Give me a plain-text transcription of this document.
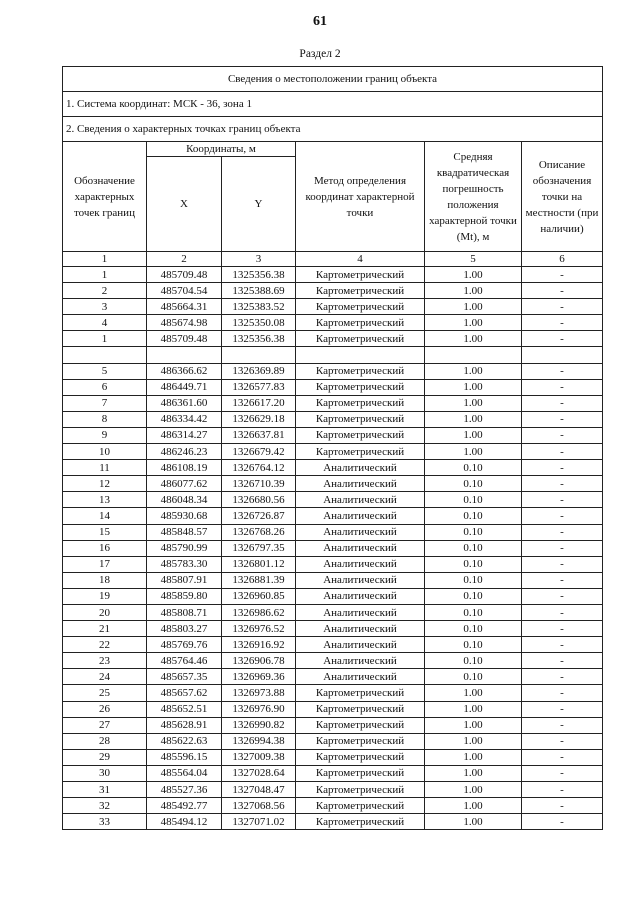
61
Раздел 2
Сведения о местоположении границ объекта					
1. Система координат: МСК - 36, зона 1					
2. Сведения о характерных точках границ объекта					
Обозначение характерных точек границ	Координаты, м		Метод определения координат характерной точки	Средняя квадратическая погрешность положения характерной точки (Mt), м	Описание обозначения точки на местности (при наличии)
	X	Y			
1	2	3	4	5	6
1	485709.48	1325356.38	Картометрический	1.00	-
2	485704.54	1325388.69	Картометрический	1.00	-
3	485664.31	1325383.52	Картометрический	1.00	-
4	485674.98	1325350.08	Картометрический	1.00	-
1	485709.48	1325356.38	Картометрический	1.00	-

5	486366.62	1326369.89	Картометрический	1.00	-
6	486449.71	1326577.83	Картометрический	1.00	-
7	486361.60	1326617.20	Картометрический	1.00	-
8	486334.42	1326629.18	Картометрический	1.00	-
9	486314.27	1326637.81	Картометрический	1.00	-
10	486246.23	1326679.42	Картометрический	1.00	-
11	486108.19	1326764.12	Аналитический	0.10	-
12	486077.62	1326710.39	Аналитический	0.10	-
13	486048.34	1326680.56	Аналитический	0.10	-
14	485930.68	1326726.87	Аналитический	0.10	-
15	485848.57	1326768.26	Аналитический	0.10	-
16	485790.99	1326797.35	Аналитический	0.10	-
17	485783.30	1326801.12	Аналитический	0.10	-
18	485807.91	1326881.39	Аналитический	0.10	-
19	485859.80	1326960.85	Аналитический	0.10	-
20	485808.71	1326986.62	Аналитический	0.10	-
21	485803.27	1326976.52	Аналитический	0.10	-
22	485769.76	1326916.92	Аналитический	0.10	-
23	485764.46	1326906.78	Аналитический	0.10	-
24	485657.35	1326969.36	Аналитический	0.10	-
25	485657.62	1326973.88	Картометрический	1.00	-
26	485652.51	1326976.90	Картометрический	1.00	-
27	485628.91	1326990.82	Картометрический	1.00	-
28	485622.63	1326994.38	Картометрический	1.00	-
29	485596.15	1327009.38	Картометрический	1.00	-
30	485564.04	1327028.64	Картометрический	1.00	-
31	485527.36	1327048.47	Картометрический	1.00	-
32	485492.77	1327068.56	Картометрический	1.00	-
33	485494.12	1327071.02	Картометрический	1.00	-
